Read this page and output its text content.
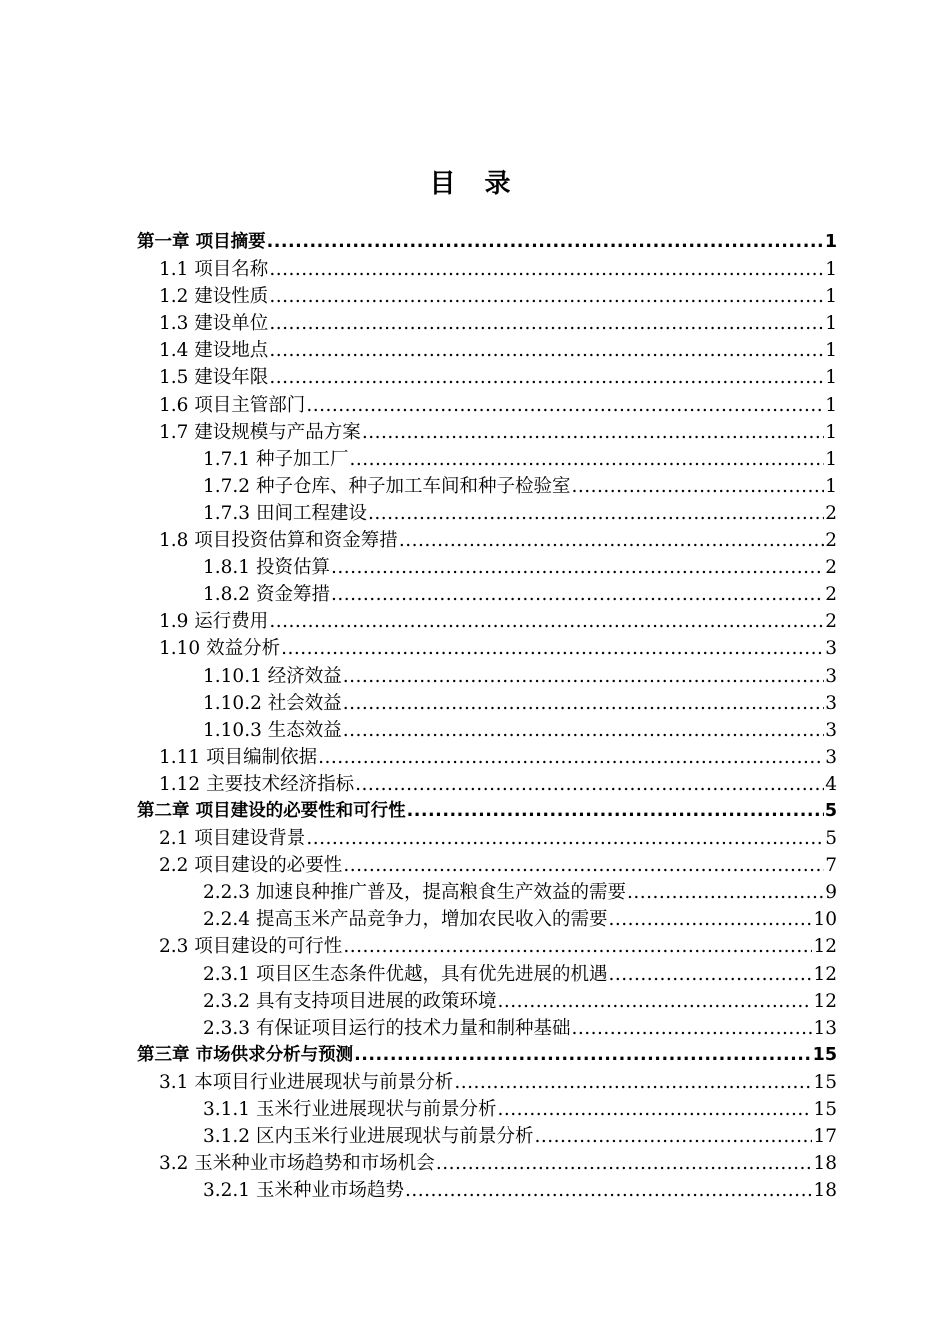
目 录
第一章 项目摘要 .....	1
1.1 项目名称 .....	1
1.2 建设性质 .....	1
1.3 建设单位 .....	1
1.4 建设地点 .....	1
1.5 建设年限 .....	1
1.6 项目主管部门 .....	1
1.7 建设规模与产品方案 .....	1
1.7.1 种子加工厂 .....	1
1.7.2 种子仓库、种子加工车间和种子检验室 .....	1
1.7.3 田间工程建设 .....	2
1.8 项目投资估算和资金筹措 .....	2
1.8.1 投资估算 .....	2
1.8.2 资金筹措 .....	2
1.9 运行费用 .....	2
1.10 效益分析 .....	3
1.10.1 经济效益 .....	3
1.10.2 社会效益 .....	3
1.10.3 生态效益 .....	3
1.11 项目编制依据 .....	3
1.12 主要技术经济指标 .....	4
第二章 项目建设的必要性和可行性 .....	5
2.1 项目建设背景 .....	5
2.2 项目建设的必要性 .....	7
2.2.3 加速良种推广普及，提高粮食生产效益的需要 .....	9
2.2.4 提高玉米产品竞争力，增加农民收入的需要 .....	10
2.3 项目建设的可行性 .....	12
2.3.1 项目区生态条件优越，具有优先进展的机遇 .....	12
2.3.2 具有支持项目进展的政策环境 .....	12
2.3.3 有保证项目运行的技术力量和制种基础 .....	13
第三章 市场供求分析与预测 .....	15
3.1 本项目行业进展现状与前景分析 .....	15
3.1.1 玉米行业进展现状与前景分析 .....	15
3.1.2 区内玉米行业进展现状与前景分析 .....	17
3.2 玉米种业市场趋势和市场机会 .....	18
3.2.1 玉米种业市场趋势 .....	18
